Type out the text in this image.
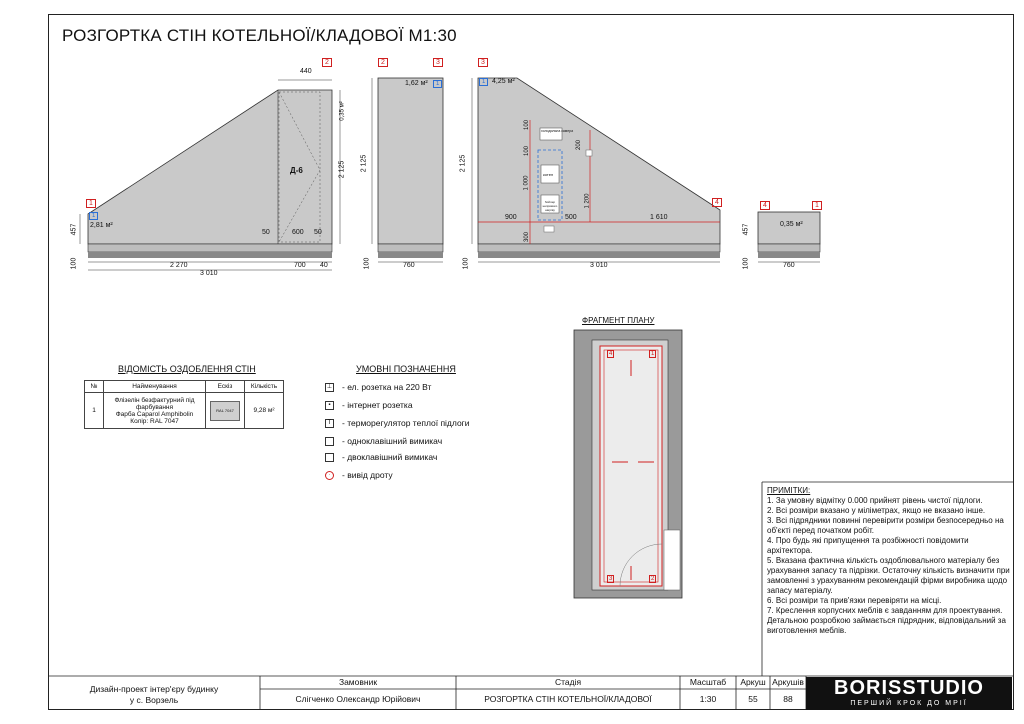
РОЗГОРТКА СТІН КОТЕЛЬНОЇ/КЛАДОВОЇ М1:30
1
2
1
2,81 м²
0,35 м²
Д-6
440
2 125
457
100
50	600 50
2 270	700 40
3 010
2	3
1,62 м²	1
2 125
100	760
3
4
1 4,25 м²
2 125
100
900	500	1 610
3 010
1 000
1 200
100
100
200
300
холодильна камера
котел
бойлер непрямого нагріву
4	1
0,35 м²
457
100	760
ВІДОМІСТЬ ОЗДОБЛЕННЯ СТІН
№	Найменування	Ескіз	Кількість
1	Флізелін безфактурний під фарбування
Фарба Caparol Amphibolin
Колір: RAL 7047	RAL 7047	9,28 м²
УМОВНІ ПОЗНАЧЕННЯ
⊥ - ел. розетка на 220 Вт
▪	- інтернет розетка
T	- терморегулятор теплої підлоги
- одноклавішний вимикач
- двоклавішний вимикач
·	- вивід дроту
ФРАГМЕНТ ПЛАНУ
4	1
3	2

ПРИМІТКИ:

1. За умовну відмітку 0.000 прийнят рівень чистої підлоги.

2. Всі розміри вказано у міліметрах, якщо не вказано інше.

3. Всі підрядники повинні перевірити розміри безпосередньо на об'єкті перед початком робіт.

4. Про будь які припущення та розбіжності повідомити архітектора.

5. Вказана фактична кількість оздоблювального матеріалу без урахування запасу та підрізки. Остаточну кількість визначити при замовленні з урахуванням рекомендацій фірми виробника щодо запасу матеріалу.

6. Всі розміри та прив'язки перевіряти на місці.

7. Креслення корпусних меблів є завданням для проектування. Детальною розробкою займається підрядник, відповідальний за виготовлення меблів.

Дизайн-проект інтер'єру будинку
у с. Ворзель
Замовник
Слігченко Олександр Юрійович
Стадія
РОЗГОРТКА СТІН КОТЕЛЬНОЇ/КЛАДОВОЇ
Масштаб
1:30
Аркуш
55
Аркушів
88	BORISSTUDIO
ПЕРШИЙ КРОК ДО МРІЇ
